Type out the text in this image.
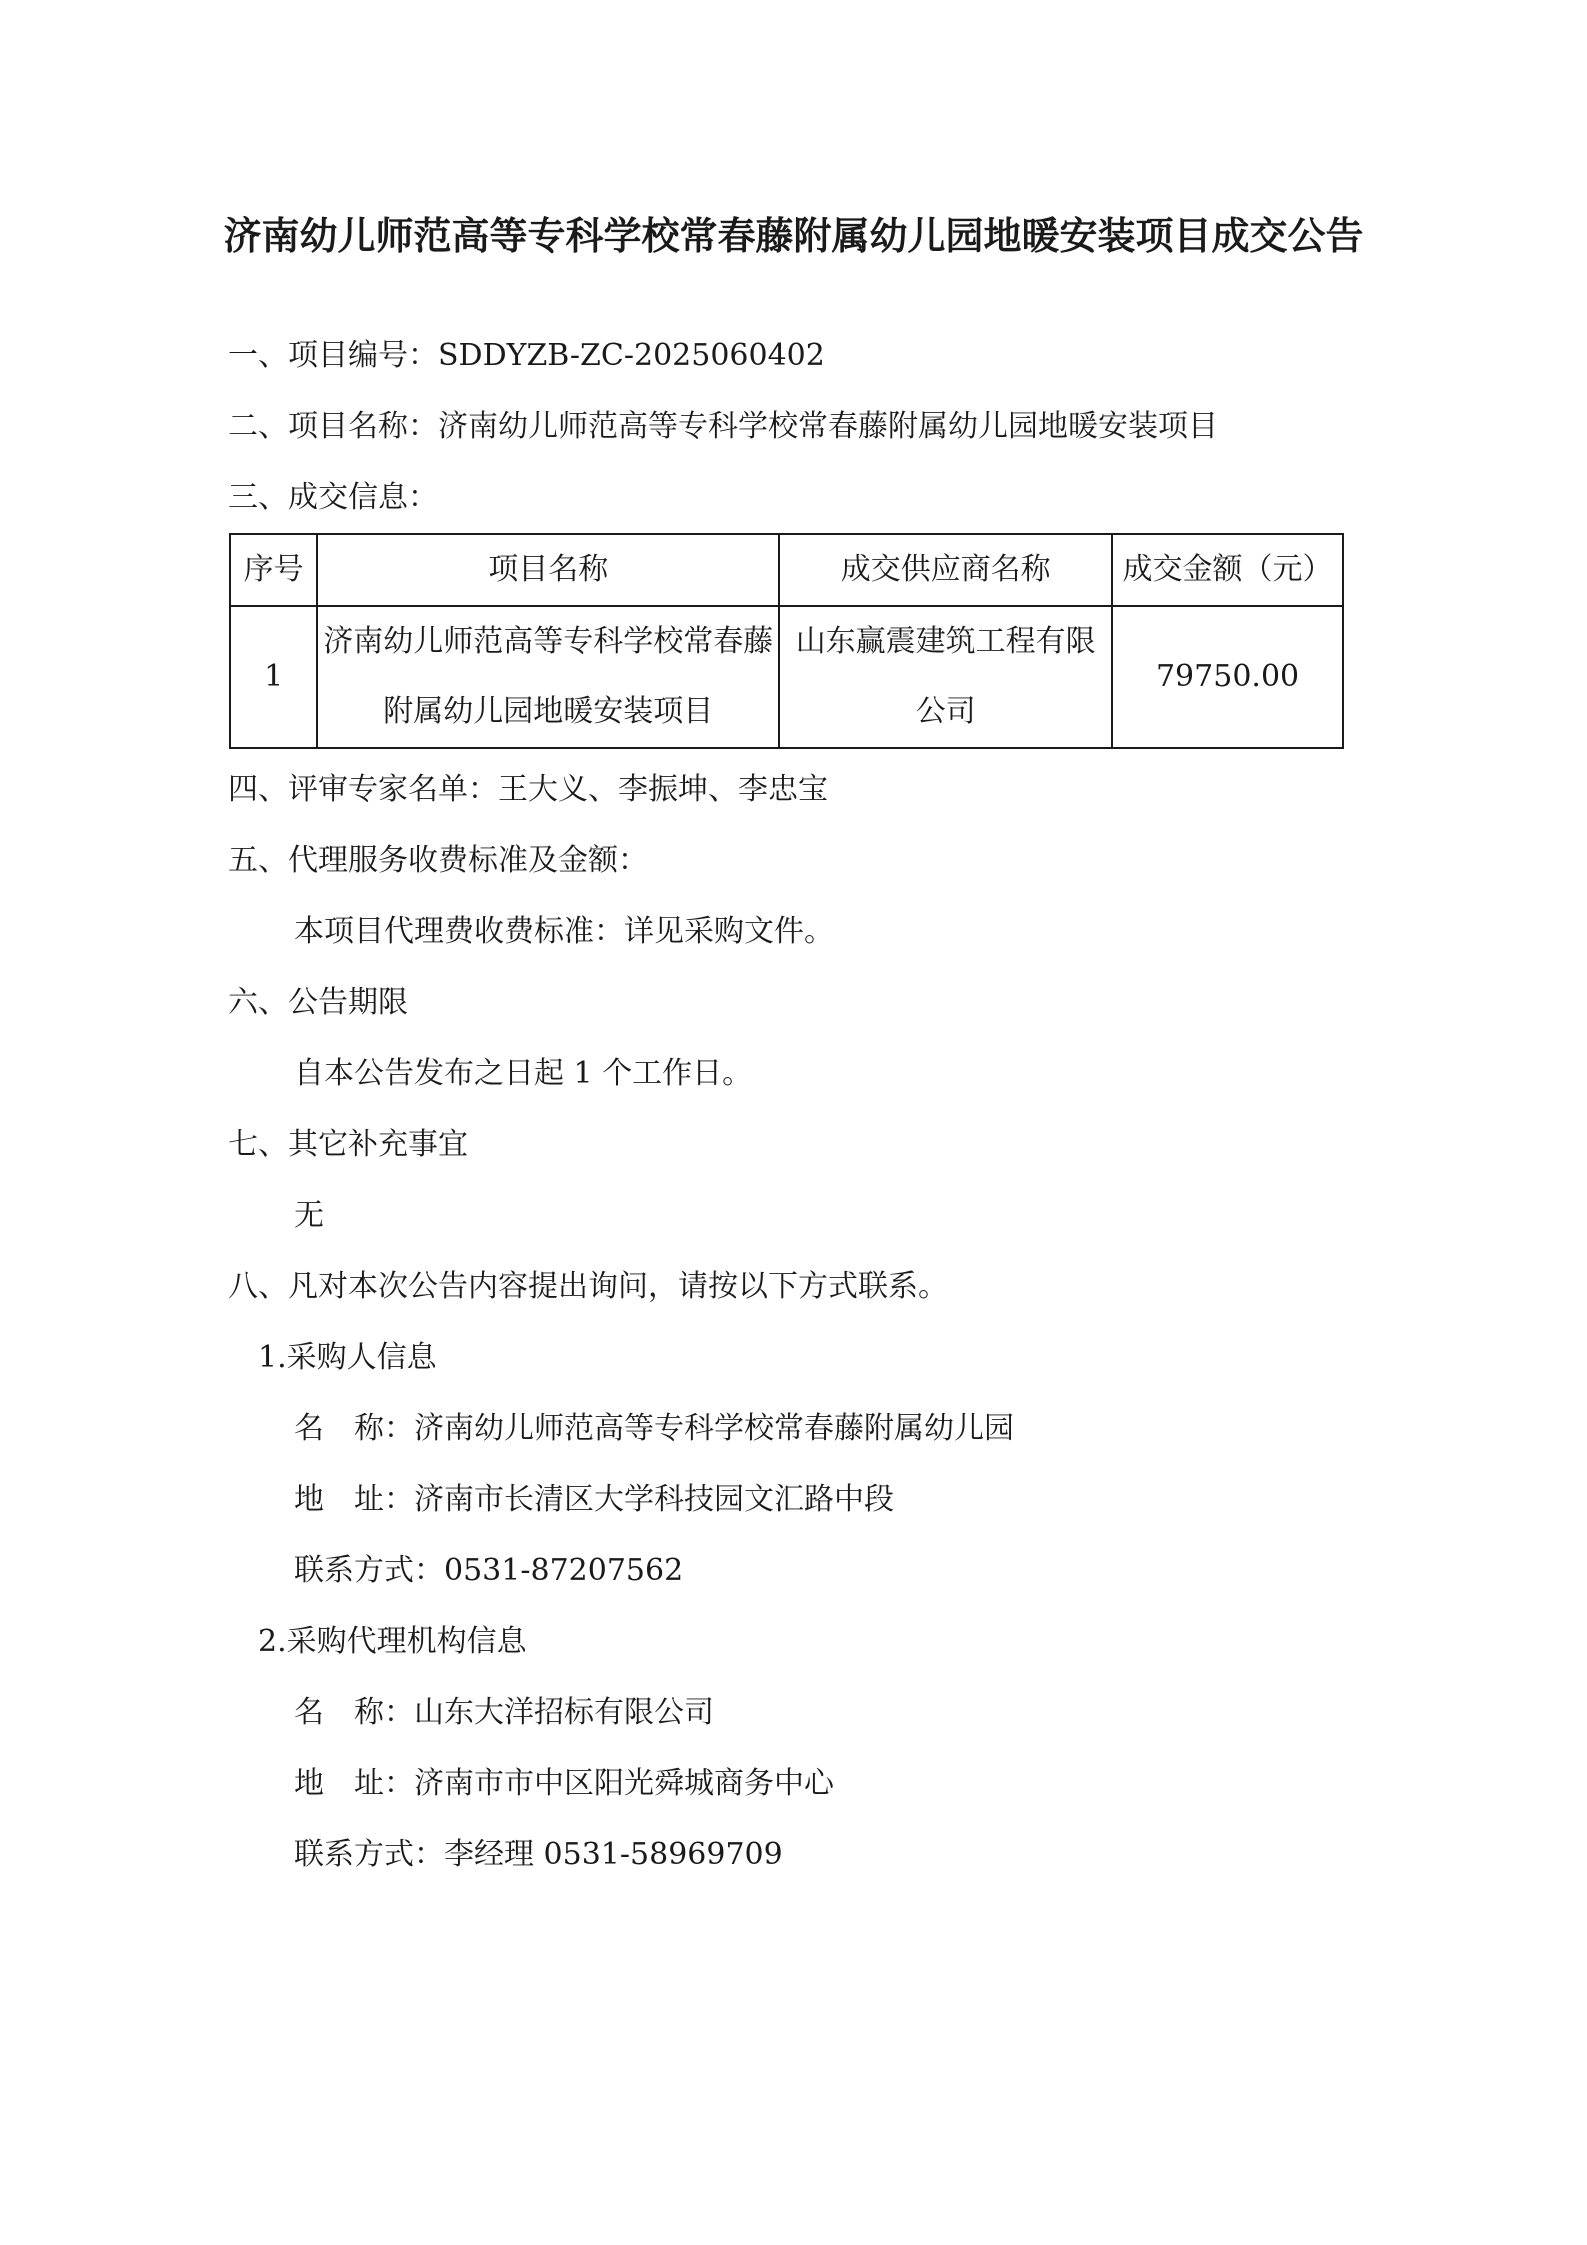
济南幼儿师范高等专科学校常春藤附属幼儿园地暖安装项目成交公告
一、项目编号：SDDYZB-ZC-2025060402
二、项目名称：济南幼儿师范高等专科学校常春藤附属幼儿园地暖安装项目
三、成交信息：
序号	项目名称	成交供应商名称	成交金额（元）
1	济南幼儿师范高等专科学校常春藤附属幼儿园地暖安装项目	山东赢震建筑工程有限公司	79750.00
四、评审专家名单：王大义、李振坤、李忠宝
五、代理服务收费标准及金额：
本项目代理费收费标准：详见采购文件。
六、公告期限
自本公告发布之日起 1 个工作日。
七、其它补充事宜
无
八、凡对本次公告内容提出询问，请按以下方式联系。
1.采购人信息
名　称：济南幼儿师范高等专科学校常春藤附属幼儿园
地　址：济南市长清区大学科技园文汇路中段
联系方式：0531-87207562
2.采购代理机构信息
名　称：山东大洋招标有限公司
地　址：济南市市中区阳光舜城商务中心
联系方式：李经理 0531-58969709
